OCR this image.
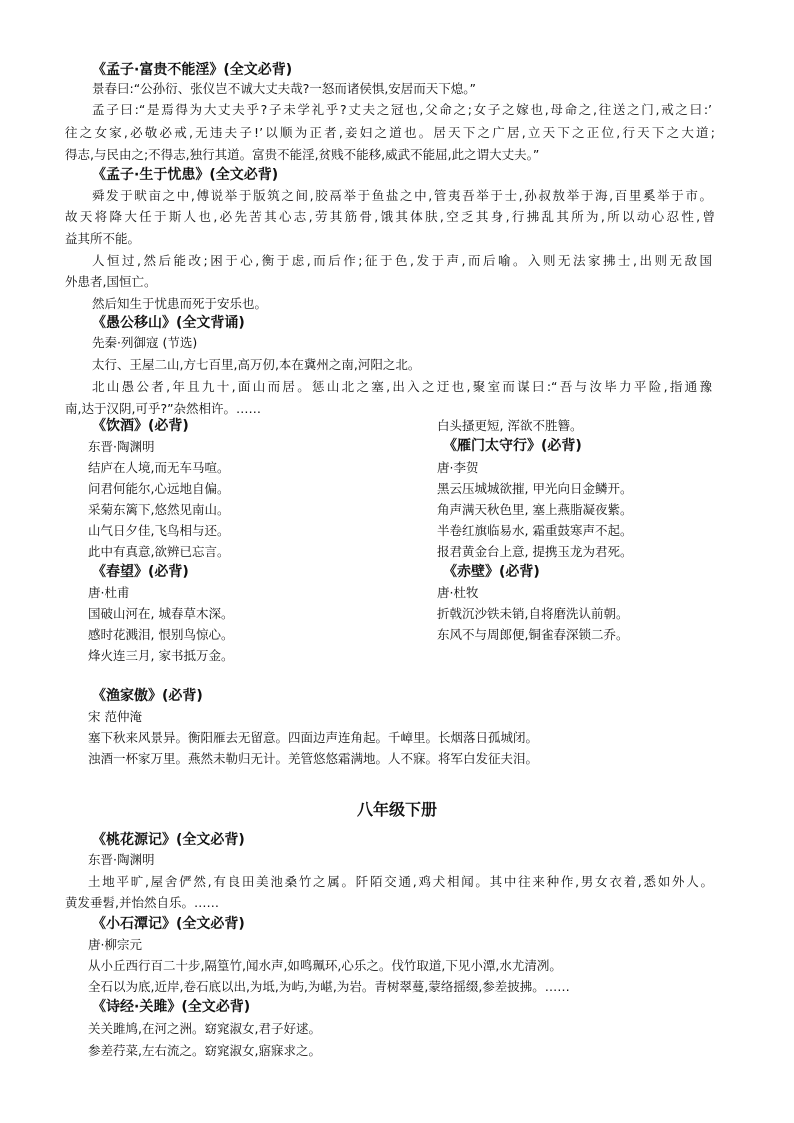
《孟子·富贵不能淫》(全文必背)
景春曰:“公孙衍、张仪岂不诚大丈夫哉?一怒而诸侯惧,安居而天下熄。”
孟子曰:“是焉得为大丈夫乎?子未学礼乎?丈夫之冠也,父命之;女子之嫁也,母命之,往送之门,戒之曰:’
往之女家,必敬必戒,无违夫子!’以顺为正者,妾妇之道也。居天下之广居,立天下之正位,行天下之大道;
得志,与民由之;不得志,独行其道。富贵不能淫,贫贱不能移,威武不能屈,此之谓大丈夫。”
《孟子·生于忧患》(全文必背)
舜发于畎亩之中,傅说举于版筑之间,胶鬲举于鱼盐之中,管夷吾举于士,孙叔敖举于海,百里奚举于市。
故天将降大任于斯人也,必先苦其心志,劳其筋骨,饿其体肤,空乏其身,行拂乱其所为,所以动心忍性,曾
益其所不能。
人恒过,然后能改;困于心,衡于虑,而后作;征于色,发于声,而后喻。入则无法家拂士,出则无敌国
外患者,国恒亡。
然后知生于忧患而死于安乐也。
《愚公移山》(全文背诵)
先秦·列御寇 (节选)
太行、王屋二山,方七百里,高万仞,本在冀州之南,河阳之北。
北山愚公者,年且九十,面山而居。惩山北之塞,出入之迂也,聚室而谋曰:“吾与汝毕力平险,指通豫
南,达于汉阴,可乎?”杂然相许。……
《饮酒》(必背)
东晋·陶渊明
结庐在人境,而无车马喧。
问君何能尔,心远地自偏。
采菊东篱下,悠然见南山。
山气日夕佳,飞鸟相与还。
此中有真意,欲辨已忘言。
《春望》(必背)
唐·杜甫
国破山河在, 城春草木深。
感时花溅泪, 恨别鸟惊心。
烽火连三月, 家书抵万金。
白头搔更短, 浑欲不胜簪。
《雁门太守行》(必背)
唐·李贺
黑云压城城欲摧, 甲光向日金鳞开。
角声满天秋色里, 塞上燕脂凝夜紫。
半卷红旗临易水, 霜重鼓寒声不起。
报君黄金台上意, 提携玉龙为君死。
《赤壁》(必背)
唐·杜牧
折戟沉沙铁未销,自将磨洗认前朝。
东风不与周郎便,铜雀春深锁二乔。
《渔家傲》(必背)
宋 范仲淹
塞下秋来风景异。衡阳雁去无留意。四面边声连角起。千嶂里。长烟落日孤城闭。
浊酒一杯家万里。燕然未勒归无计。羌管悠悠霜满地。人不寐。将军白发征夫泪。
八年级下册
《桃花源记》(全文必背)
东晋·陶渊明
土地平旷,屋舍俨然,有良田美池桑竹之属。阡陌交通,鸡犬相闻。其中往来种作,男女衣着,悉如外人。
黄发垂髫,并怡然自乐。……
《小石潭记》(全文必背)
唐·柳宗元
从小丘西行百二十步,隔篁竹,闻水声,如鸣珮环,心乐之。伐竹取道,下见小潭,水尤清冽。
全石以为底,近岸,卷石底以出,为坻,为屿,为嵁,为岩。青树翠蔓,蒙络摇缀,参差披拂。……
《诗经·关雎》(全文必背)
关关雎鸠,在河之洲。窈窕淑女,君子好逑。
参差荇菜,左右流之。窈窕淑女,寤寐求之。
